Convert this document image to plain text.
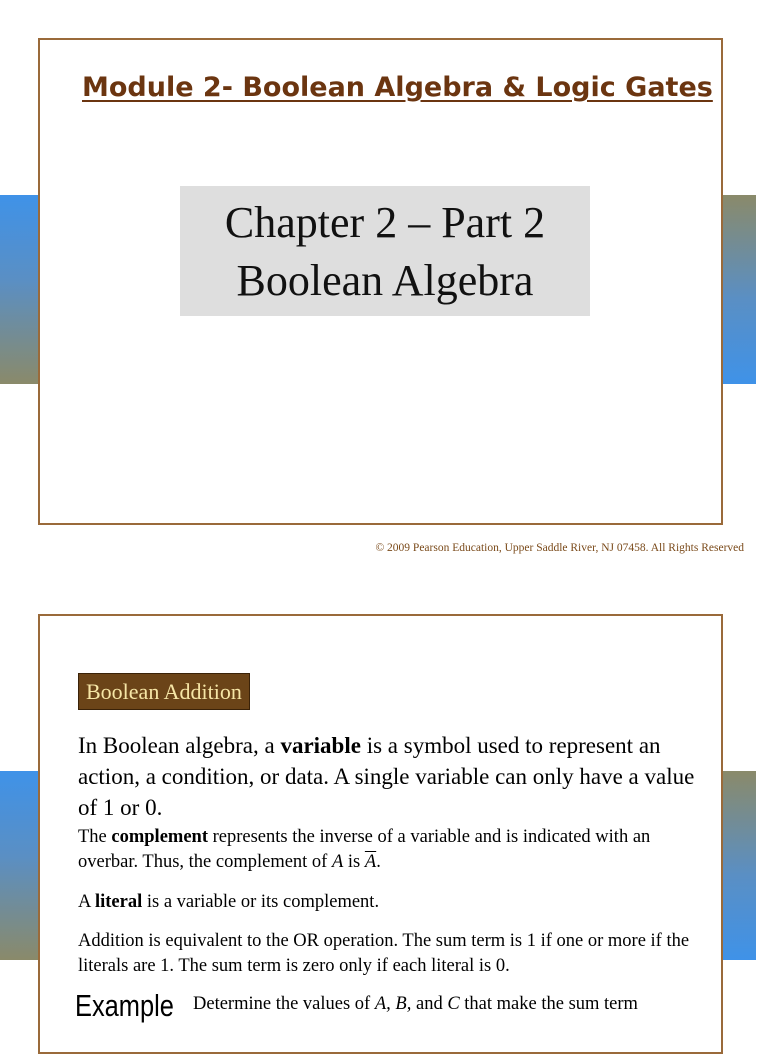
Module 2- Boolean Algebra & Logic Gates
Chapter 2 – Part 2
Boolean Algebra
© 2009 Pearson Education, Upper Saddle River, NJ 07458. All Rights Reserved
Boolean Addition

In Boolean algebra, a variable is a symbol used to represent an action, a condition, or data. A single variable can only have a value of 1 or 0.

The complement represents the inverse of a variable and is indicated with an overbar. Thus, the complement of A is $\overline{A}$.

A literal is a variable or its complement.

Addition is equivalent to the OR operation. The sum term is 1 if one or more if the literals are 1. The sum term is zero only if each literal is 0.

Example Determine the values of A, B, and C that make the sum term
